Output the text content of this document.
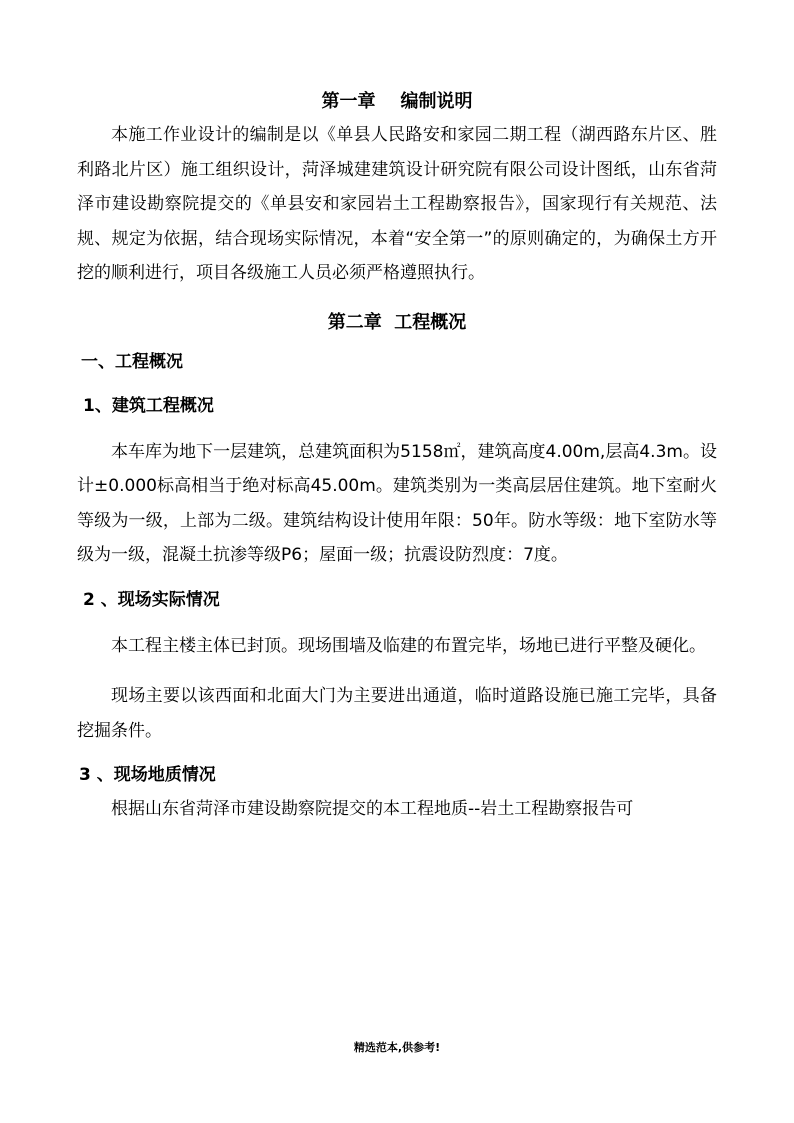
第一章    编制说明

本施工作业设计的编制是以《单县人民路安和家园二期工程（湖西路东片区、胜利路北片区）施工组织设计，菏泽城建建筑设计研究院有限公司设计图纸，山东省菏泽市建设勘察院提交的《单县安和家园岩土工程勘察报告》，国家现行有关规范、法规、规定为依据，结合现场实际情况，本着“安全第一”的原则确定的，为确保土方开挖的顺利进行，项目各级施工人员必须严格遵照执行。

第二章  工程概况
一、工程概况
1、建筑工程概况

本车库为地下一层建筑，总建筑面积为5158㎡，建筑高度4.00m,层高4.3m。设计±0.000标高相当于绝对标高45.00m。建筑类别为一类高层居住建筑。地下室耐火等级为一级，上部为二级。建筑结构设计使用年限：50年。防水等级：地下室防水等级为一级，混凝土抗渗等级P6；屋面一级；抗震设防烈度：7度。

2 、现场实际情况

本工程主楼主体已封顶。现场围墙及临建的布置完毕，场地已进行平整及硬化。

现场主要以该西面和北面大门为主要进出通道，临时道路设施已施工完毕，具备挖掘条件。

3 、现场地质情况

根据山东省菏泽市建设勘察院提交的本工程地质--岩土工程勘察报告可

精选范本,供参考!
